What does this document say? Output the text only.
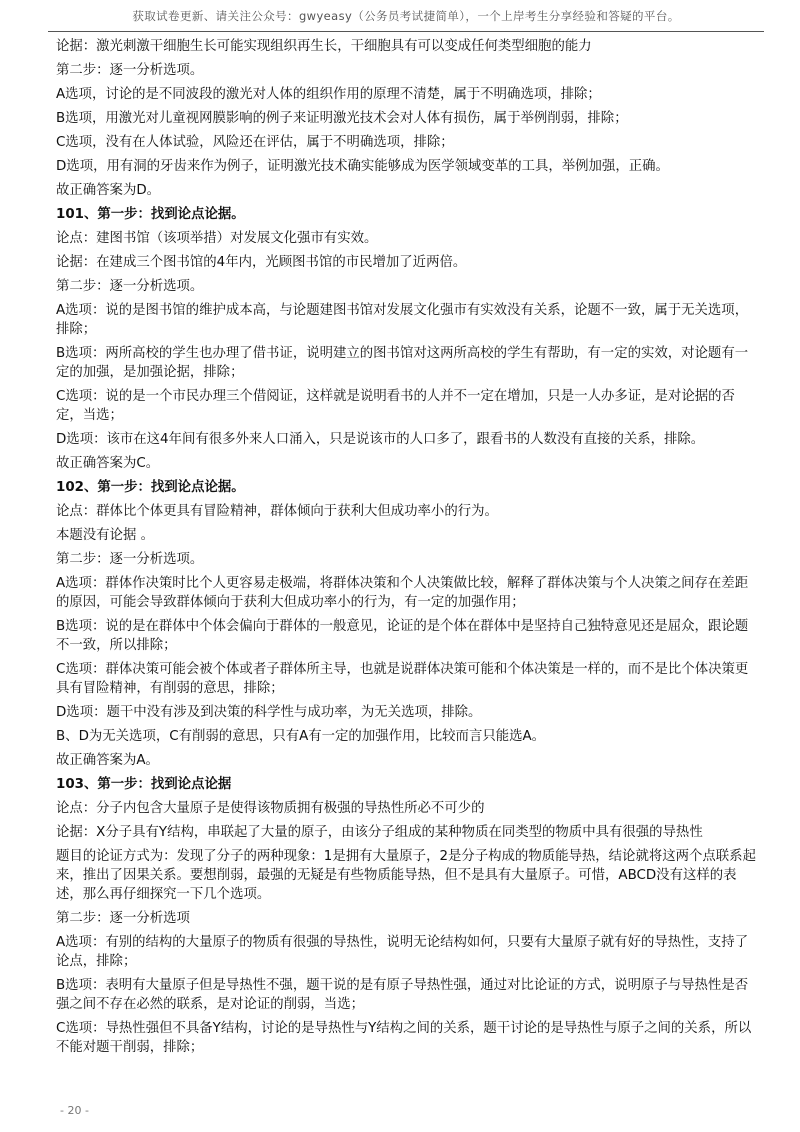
获取试卷更新、请关注公众号：gwyeasy（公务员考试捷简单），一个上岸考生分享经验和答疑的平台。

论据：激光刺激干细胞生长可能实现组织再生长，干细胞具有可以变成任何类型细胞的能力

第二步：逐一分析选项。

A选项，讨论的是不同波段的激光对人体的组织作用的原理不清楚，属于不明确选项，排除；

B选项，用激光对儿童视网膜影响的例子来证明激光技术会对人体有损伤，属于举例削弱，排除；

C选项，没有在人体试验，风险还在评估，属于不明确选项，排除；

D选项，用有洞的牙齿来作为例子，证明激光技术确实能够成为医学领域变革的工具，举例加强，正确。

故正确答案为D。

101、第一步：找到论点论据。

论点：建图书馆（该项举措）对发展文化强市有实效。

论据：在建成三个图书馆的4年内，光顾图书馆的市民增加了近两倍。

第二步：逐一分析选项。

A选项：说的是图书馆的维护成本高，与论题建图书馆对发展文化强市有实效没有关系，论题不一致，属于无关选项，排除；

B选项：两所高校的学生也办理了借书证，说明建立的图书馆对这两所高校的学生有帮助，有一定的实效，对论题有一定的加强，是加强论据，排除；

C选项：说的是一个市民办理三个借阅证，这样就是说明看书的人并不一定在增加，只是一人办多证，是对论据的否定，当选；

D选项：该市在这4年间有很多外来人口涌入，只是说该市的人口多了，跟看书的人数没有直接的关系，排除。

故正确答案为C。

102、第一步：找到论点论据。

论点：群体比个体更具有冒险精神，群体倾向于获利大但成功率小的行为。

本题没有论据 。

第二步：逐一分析选项。

A选项：群体作决策时比个人更容易走极端，将群体决策和个人决策做比较，解释了群体决策与个人决策之间存在差距的原因，可能会导致群体倾向于获利大但成功率小的行为，有一定的加强作用；

B选项：说的是在群体中个体会偏向于群体的一般意见，论证的是个体在群体中是坚持自己独特意见还是屈众，跟论题不一致，所以排除；

C选项：群体决策可能会被个体或者子群体所主导，也就是说群体决策可能和个体决策是一样的，而不是比个体决策更具有冒险精神，有削弱的意思，排除；

D选项：题干中没有涉及到决策的科学性与成功率，为无关选项，排除。

B、D为无关选项，C有削弱的意思，只有A有一定的加强作用，比较而言只能选A。

故正确答案为A。

103、第一步：找到论点论据

论点：分子内包含大量原子是使得该物质拥有极强的导热性所必不可少的

论据：X分子具有Y结构，串联起了大量的原子，由该分子组成的某种物质在同类型的物质中具有很强的导热性

题目的论证方式为：发现了分子的两种现象：1是拥有大量原子，2是分子构成的物质能导热，结论就将这两个点联系起来，推出了因果关系。要想削弱，最强的无疑是有些物质能导热，但不是具有大量原子。可惜，ABCD没有这样的表述，那么再仔细探究一下几个选项。

第二步：逐一分析选项

A选项：有别的结构的大量原子的物质有很强的导热性，说明无论结构如何，只要有大量原子就有好的导热性，支持了论点，排除；

B选项：表明有大量原子但是导热性不强，题干说的是有原子导热性强，通过对比论证的方式，说明原子与导热性是否强之间不存在必然的联系，是对论证的削弱，当选；

C选项：导热性强但不具备Y结构，讨论的是导热性与Y结构之间的关系，题干讨论的是导热性与原子之间的关系，所以不能对题干削弱，排除；

- 20 -
